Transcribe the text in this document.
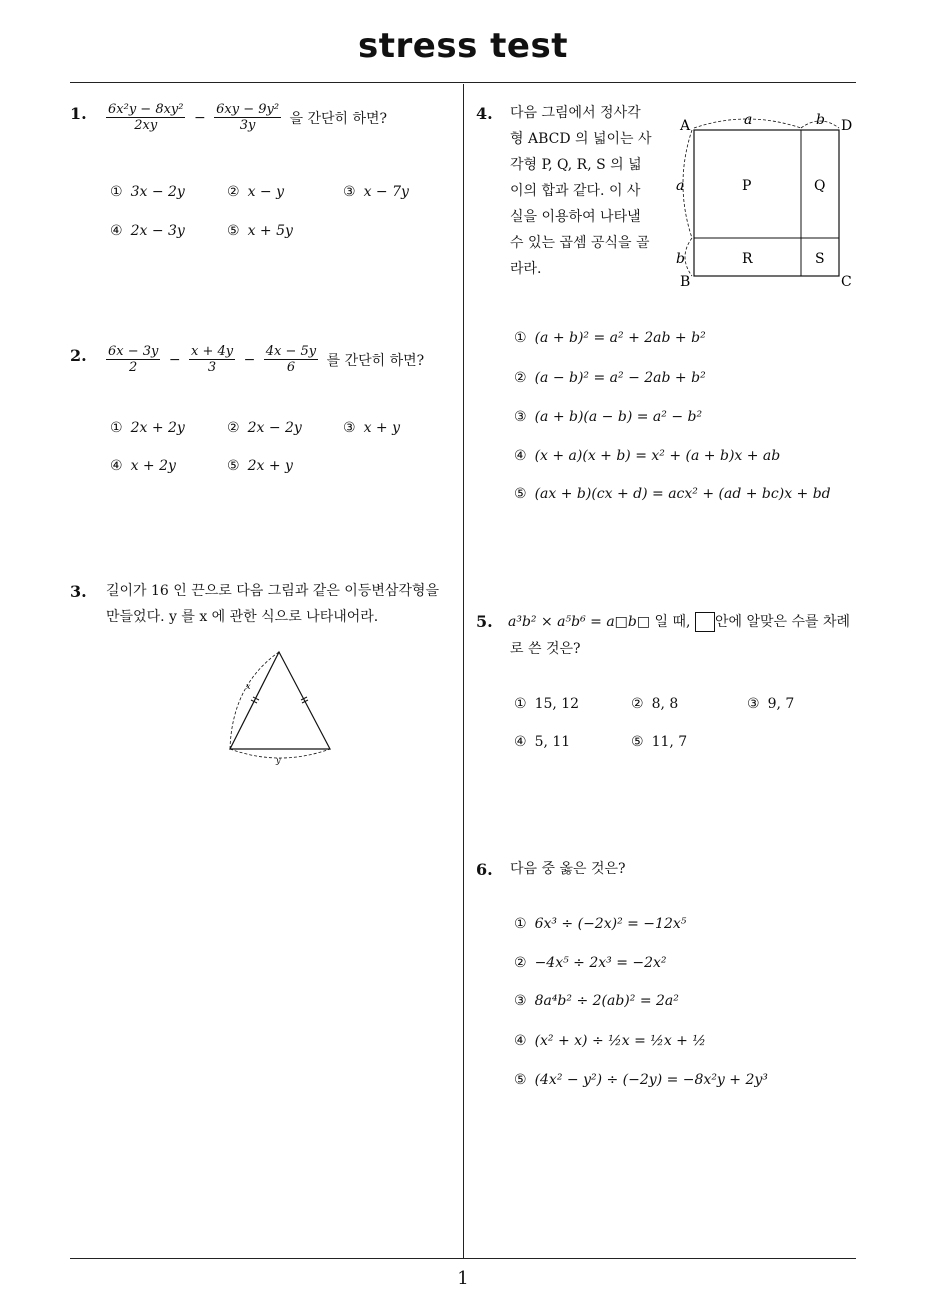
stress test
1
1. $\frac{\text{6x²y − 8xy²}}{2xy} - \frac{\text{6xy − 9y²}}{3y}$ 을 간단히 하면?
① 3x − 2y	② x − y	③ x − 7y
④ 2x − 3y	⑤ x + 5y
2. $\frac{6x - 3y}{2} - \frac{x + 4y}{3} - \frac{4x - 5y}{6}$ 를 간단히 하면?
① 2x + 2y	② 2x − 2y	③ x + y
④ x + 2y	⑤ 2x + y
3. 길이가 16 인 끈으로 다음 그림과 같은 이등변삼각형을
만들었다. y 를 x 에 관한 식으로 나타내어라.
x
y
4. 다음 그림에서 정사각
형 ABCD 의 넓이는 사
각형 P, Q, R, S 의 넓
이의 합과 같다. 이 사
실을 이용하여 나타낼
수 있는 곱셈 공식을 골
라라.
A	D
B	C
P	Q
R	S
a	b
a
b
① (a + b)² = a² + 2ab + b²
② (a − b)² = a² − 2ab + b²
③ (a + b)(a − b) = a² − b²
④ (x + a)(x + b) = x² + (a + b)x + ab
⑤ (ax + b)(cx + d) = acx² + (ad + bc)x + bd
5. a³b² × a⁵b⁶ = a□b□ 일 때, 안에 알맞은 수를 차례
로 쓴 것은?
① 15, 12	② 8, 8	③ 9, 7
④ 5, 11	⑤ 11, 7
6. 다음 중 옳은 것은?
① 6x³ ÷ (−2x)² = −12x⁵
② −4x⁵ ÷ 2x³ = −2x²
③ 8a⁴b² ÷ 2(ab)² = 2a²
④ (x² + x) ÷ ½x = ½x + ½
⑤ (4x² − y²) ÷ (−2y) = −8x²y + 2y³
